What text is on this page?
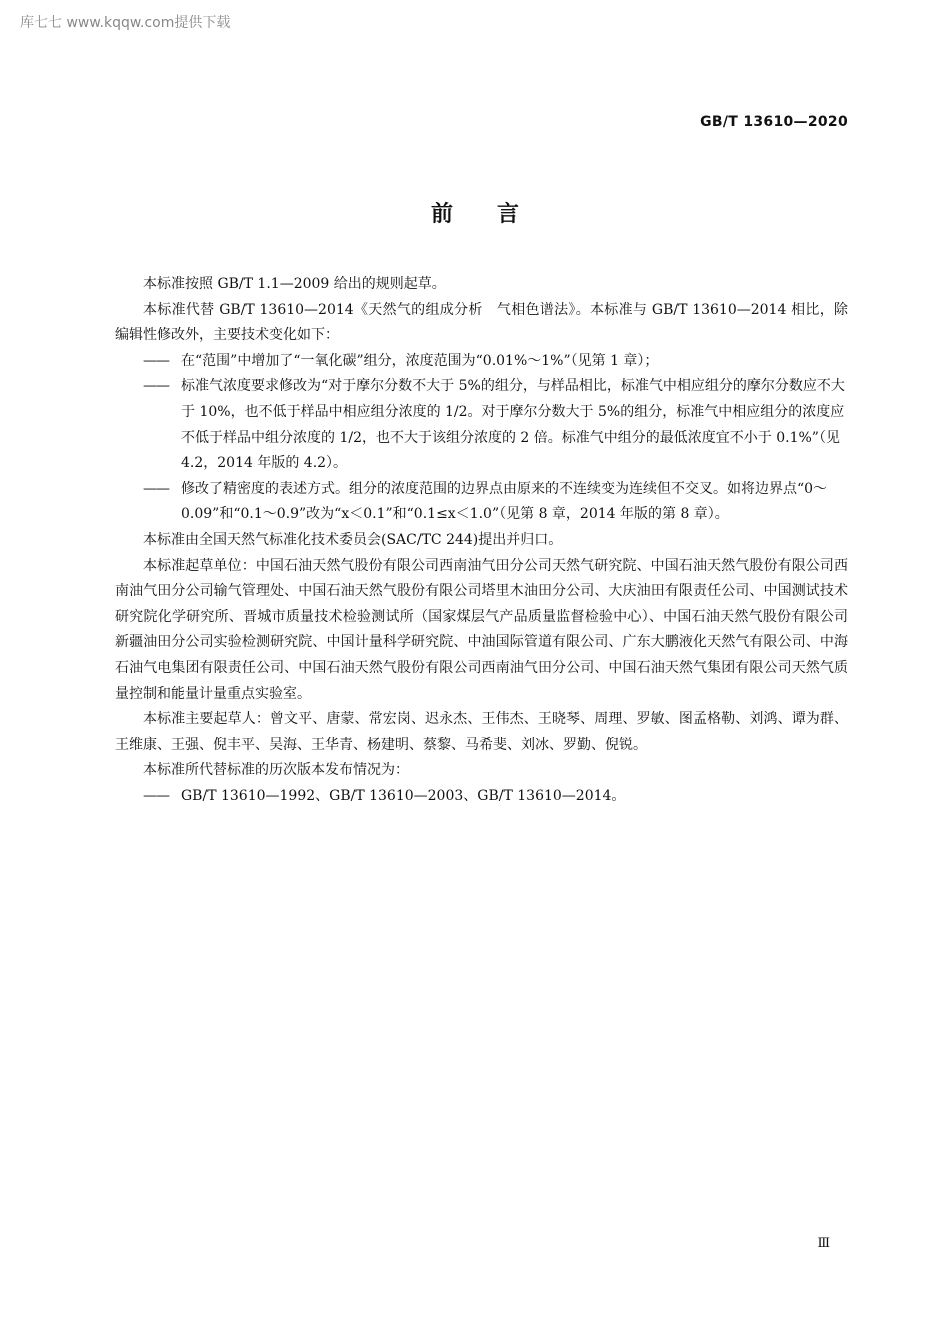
库七七 www.kqqw.com提供下载
GB/T 13610—2020
前言

本标准按照 GB/T 1.1—2009 给出的规则起草。

本标准代替 GB/T 13610—2014《天然气的组成分析　气相色谱法》。本标准与 GB/T 13610—2014 相比，除编辑性修改外，主要技术变化如下：

—— 在“范围”中增加了“一氧化碳”组分，浓度范围为“0.01%～1%”（见第 1 章）；
—— 标准气浓度要求修改为“对于摩尔分数不大于 5%的组分，与样品相比，标准气中相应组分的摩尔分数应不大于 10%，也不低于样品中相应组分浓度的 1/2。对于摩尔分数大于 5%的组分，标准气中相应组分的浓度应不低于样品中组分浓度的 1/2，也不大于该组分浓度的 2 倍。标准气中组分的最低浓度宜不小于 0.1%”（见 4.2，2014 年版的 4.2）。
—— 修改了精密度的表述方式。组分的浓度范围的边界点由原来的不连续变为连续但不交叉。如将边界点“0～0.09”和“0.1～0.9”改为“x＜0.1”和“0.1≤x＜1.0”（见第 8 章，2014 年版的第 8 章）。

本标准由全国天然气标准化技术委员会(SAC/TC 244)提出并归口。

本标准起草单位：中国石油天然气股份有限公司西南油气田分公司天然气研究院、中国石油天然气股份有限公司西南油气田分公司输气管理处、中国石油天然气股份有限公司塔里木油田分公司、大庆油田有限责任公司、中国测试技术研究院化学研究所、晋城市质量技术检验测试所（国家煤层气产品质量监督检验中心）、中国石油天然气股份有限公司新疆油田分公司实验检测研究院、中国计量科学研究院、中油国际管道有限公司、广东大鹏液化天然气有限公司、中海石油气电集团有限责任公司、中国石油天然气股份有限公司西南油气田分公司、中国石油天然气集团有限公司天然气质量控制和能量计量重点实验室。

本标准主要起草人：曾文平、唐蒙、常宏岗、迟永杰、王伟杰、王晓琴、周理、罗敏、图孟格勒、刘鸿、谭为群、王维康、王强、倪丰平、吴海、王华青、杨建明、蔡黎、马希斐、刘冰、罗勤、倪锐。

本标准所代替标准的历次版本发布情况为：

—— GB/T 13610—1992、GB/T 13610—2003、GB/T 13610—2014。
Ⅲ
